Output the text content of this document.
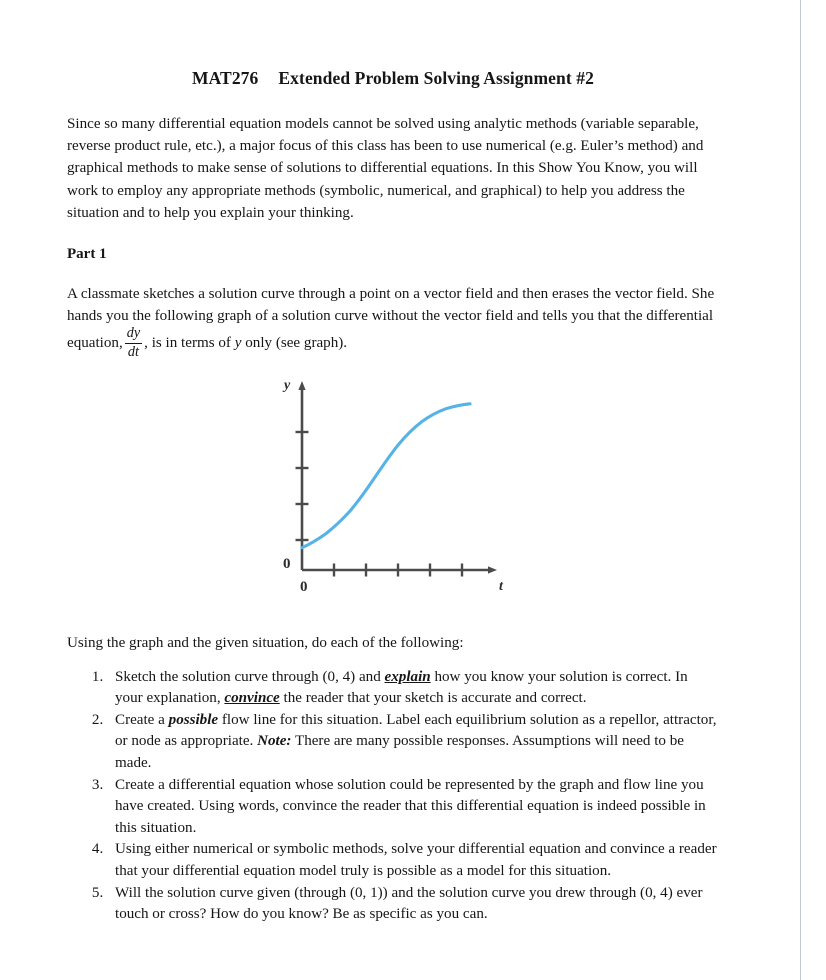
MAT276 Extended Problem Solving Assignment #2

Since so many differential equation models cannot be solved using analytic methods (variable separable, reverse product rule, etc.), a major focus of this class has been to use numerical (e.g. Euler’s method) and graphical methods to make sense of solutions to differential equations. In this Show You Know, you will work to employ any appropriate methods (symbolic, numerical, and graphical) to help you address the situation and to help you explain your thinking.

Part 1

A classmate sketches a solution curve through a point on a vector field and then erases the vector field. She hands you the following graph of a solution curve without the vector field and tells you that the differential equation, $\frac{dy}{dt}$ , is in terms of y only (see graph).

y
t
0
0

Using the graph and the given situation, do each of the following:

1. Sketch the solution curve through (0, 4) and explain how you know your solution is correct. In your explanation, convince the reader that your sketch is accurate and correct.
2. Create a possible flow line for this situation. Label each equilibrium solution as a repellor, attractor, or node as appropriate. Note: There are many possible responses. Assumptions will need to be made.
3. Create a differential equation whose solution could be represented by the graph and flow line you have created. Using words, convince the reader that this differential equation is indeed possible in this situation.
4. Using either numerical or symbolic methods, solve your differential equation and convince a reader that your differential equation model truly is possible as a model for this situation.
5. Will the solution curve given (through (0, 1)) and the solution curve you drew through (0, 4) ever touch or cross? How do you know? Be as specific as you can.
